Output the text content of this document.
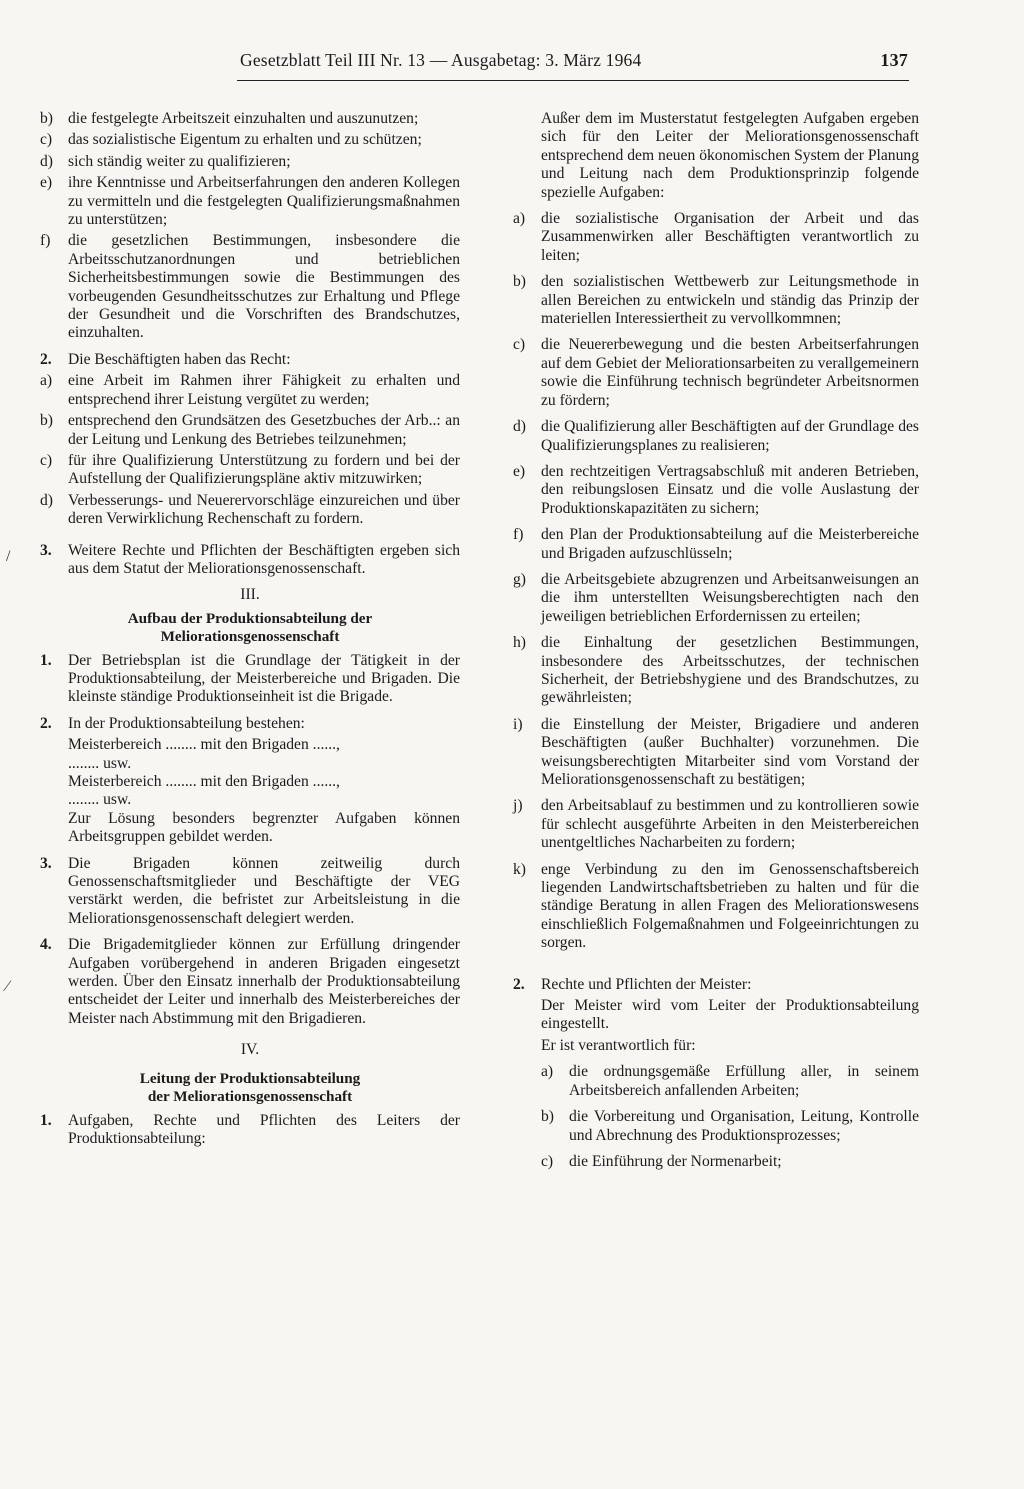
Gesetzblatt Teil III Nr. 13 — Ausgabetag: 3. März 1964	137
b) die festgelegte Arbeitszeit einzuhalten und auszunutzen;
c) das sozialistische Eigentum zu erhalten und zu schützen;
d) sich ständig weiter zu qualifizieren;
e) ihre Kenntnisse und Arbeitserfahrungen den anderen Kollegen zu vermitteln und die festgelegten Qualifizierungsmaßnahmen zu unterstützen;
f) die gesetzlichen Bestimmungen, insbesondere die Arbeitsschutzanordnungen und betrieblichen Sicherheitsbestimmungen sowie die Bestimmungen des vorbeugenden Gesundheitsschutzes zur Erhaltung und Pflege der Gesundheit und die Vorschriften des Brandschutzes, einzuhalten.
2. Die Beschäftigten haben das Recht:
a) eine Arbeit im Rahmen ihrer Fähigkeit zu erhalten und entsprechend ihrer Leistung vergütet zu werden;
b) entsprechend den Grundsätzen des Gesetzbuches der Arb..: an der Leitung und Lenkung des Betriebes teilzunehmen;
c) für ihre Qualifizierung Unterstützung zu fordern und bei der Aufstellung der Qualifizierungspläne aktiv mitzuwirken;
d) Verbesserungs- und Neuerervorschläge einzureichen und über deren Verwirklichung Rechenschaft zu fordern.
3. Weitere Rechte und Pflichten der Beschäftigten ergeben sich aus dem Statut der Meliorationsgenossenschaft.
III.
Aufbau der Produktionsabteilung der Meliorationsgenossenschaft
1. Der Betriebsplan ist die Grundlage der Tätigkeit in der Produktionsabteilung, der Meisterbereiche und Brigaden. Die kleinste ständige Produktionseinheit ist die Brigade.
2. In der Produktionsabteilung bestehen:
Meisterbereich ........ mit den Brigaden ......,
........ usw.
Meisterbereich ........ mit den Brigaden ......,
........ usw.
Zur Lösung besonders begrenzter Aufgaben können Arbeitsgruppen gebildet werden.
3. Die Brigaden können zeitweilig durch Genossenschaftsmitglieder und Beschäftigte der VEG verstärkt werden, die befristet zur Arbeitsleistung in die Meliorationsgenossenschaft delegiert werden.
4. Die Brigademitglieder können zur Erfüllung dringender Aufgaben vorübergehend in anderen Brigaden eingesetzt werden. Über den Einsatz innerhalb der Produktionsabteilung entscheidet der Leiter und innerhalb des Meisterbereiches der Meister nach Abstimmung mit den Brigadieren.
IV.
Leitung der Produktionsabteilung
der Meliorationsgenossenschaft
1. Aufgaben, Rechte und Pflichten des Leiters der Produktionsabteilung:
Außer dem im Musterstatut festgelegten Aufgaben ergeben sich für den Leiter der Meliorationsgenossenschaft entsprechend dem neuen ökonomischen System der Planung und Leitung nach dem Produktionsprinzip folgende spezielle Aufgaben:
a) die sozialistische Organisation der Arbeit und das Zusammenwirken aller Beschäftigten verantwortlich zu leiten;
b) den sozialistischen Wettbewerb zur Leitungsmethode in allen Bereichen zu entwickeln und ständig das Prinzip der materiellen Interessiertheit zu vervollkommnen;
c) die Neuererbewegung und die besten Arbeitserfahrungen auf dem Gebiet der Meliorationsarbeiten zu verallgemeinern sowie die Einführung technisch begründeter Arbeitsnormen zu fördern;
d) die Qualifizierung aller Beschäftigten auf der Grundlage des Qualifizierungsplanes zu realisieren;
e) den rechtzeitigen Vertragsabschluß mit anderen Betrieben, den reibungslosen Einsatz und die volle Auslastung der Produktionskapazitäten zu sichern;
f) den Plan der Produktionsabteilung auf die Meisterbereiche und Brigaden aufzuschlüsseln;
g) die Arbeitsgebiete abzugrenzen und Arbeitsanweisungen an die ihm unterstellten Weisungsberechtigten nach den jeweiligen betrieblichen Erfordernissen zu erteilen;
h) die Einhaltung der gesetzlichen Bestimmungen, insbesondere des Arbeitsschutzes, der technischen Sicherheit, der Betriebshygiene und des Brandschutzes, zu gewährleisten;
i) die Einstellung der Meister, Brigadiere und anderen Beschäftigten (außer Buchhalter) vorzunehmen. Die weisungsberechtigten Mitarbeiter sind vom Vorstand der Meliorationsgenossenschaft zu bestätigen;
j) den Arbeitsablauf zu bestimmen und zu kontrollieren sowie für schlecht ausgeführte Arbeiten in den Meisterbereichen unentgeltliches Nacharbeiten zu fordern;
k) enge Verbindung zu den im Genossenschaftsbereich liegenden Landwirtschaftsbetrieben zu halten und für die ständige Beratung in allen Fragen des Meliorationswesens einschließlich Folgemaßnahmen und Folgeeinrichtungen zu sorgen.
2. Rechte und Pflichten der Meister:
Der Meister wird vom Leiter der Produktionsabteilung eingestellt.
Er ist verantwortlich für:
a) die ordnungsgemäße Erfüllung aller, in seinem Arbeitsbereich anfallenden Arbeiten;
b) die Vorbereitung und Organisation, Leitung, Kontrolle und Abrechnung des Produktionsprozesses;
c) die Einführung der Normenarbeit;
/
⁄
